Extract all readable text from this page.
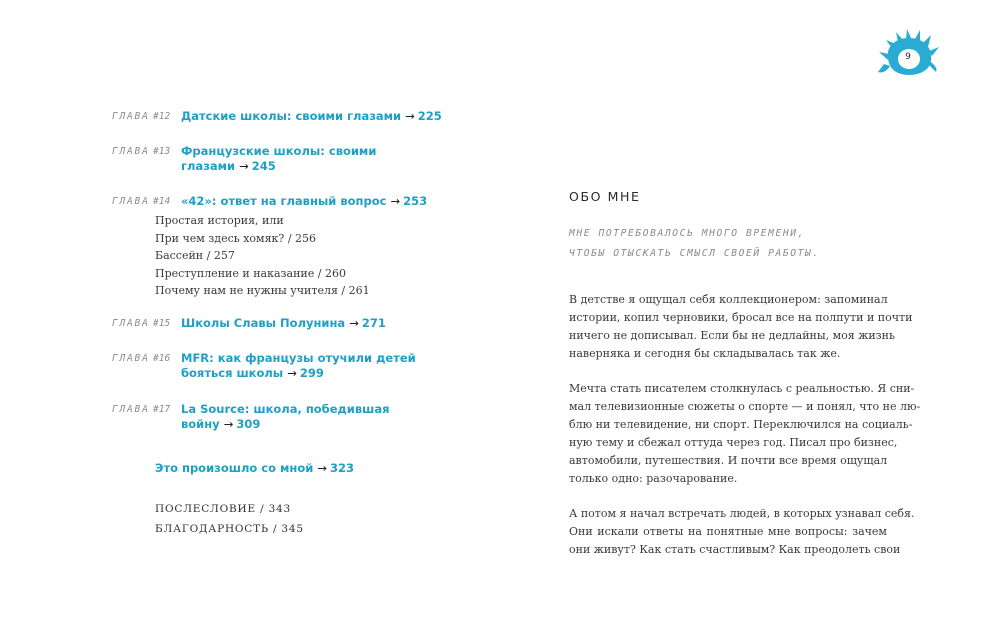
9
ГЛАВА #12 Датские школы: своими глазами → 225
ГЛАВА #13 Французские школы: своими
глазами → 245
ГЛАВА #14 «42»: ответ на главный вопрос → 253
Простая история, или
При чем здесь хомяк? / 256
Бассейн / 257
Преступление и наказание / 260
Почему нам не нужны учителя / 261
ГЛАВА #15 Школы Славы Полунина → 271
ГЛАВА #16 MFR: как французы отучили детей
бояться школы → 299
ГЛАВА #17 La Source: школа, победившая
войну → 309
Это произошло со мной → 323
ПОСЛЕСЛОВИЕ / 343
БЛАГОДАРНОСТЬ / 345
ОБО МНЕ
МНЕ ПОТРЕБОВАЛОСЬ МНОГО ВРЕМЕНИ,
ЧТОБЫ ОТЫСКАТЬ СМЫСЛ СВОЕЙ РАБОТЫ.
В детстве я ощущал себя коллекционером: запоминал
истории, копил черновики, бросал все на полпути и почти
ничего не дописывал. Если бы не дедлайны, моя жизнь
наверняка и сегодня бы складывалась так же.
Мечта стать писателем столкнулась с реальностью. Я сни-
мал телевизионные сюжеты о спорте — и понял, что не лю-
блю ни телевидение, ни спорт. Переключился на социаль-
ную тему и сбежал оттуда через год. Писал про бизнес,
автомобили, путешествия. И почти все время ощущал
только одно: разочарование.
А потом я начал встречать людей, в которых узнавал себя.
Они искали ответы на понятные мне вопросы: зачем
они живут? Как стать счастливым? Как преодолеть свои
